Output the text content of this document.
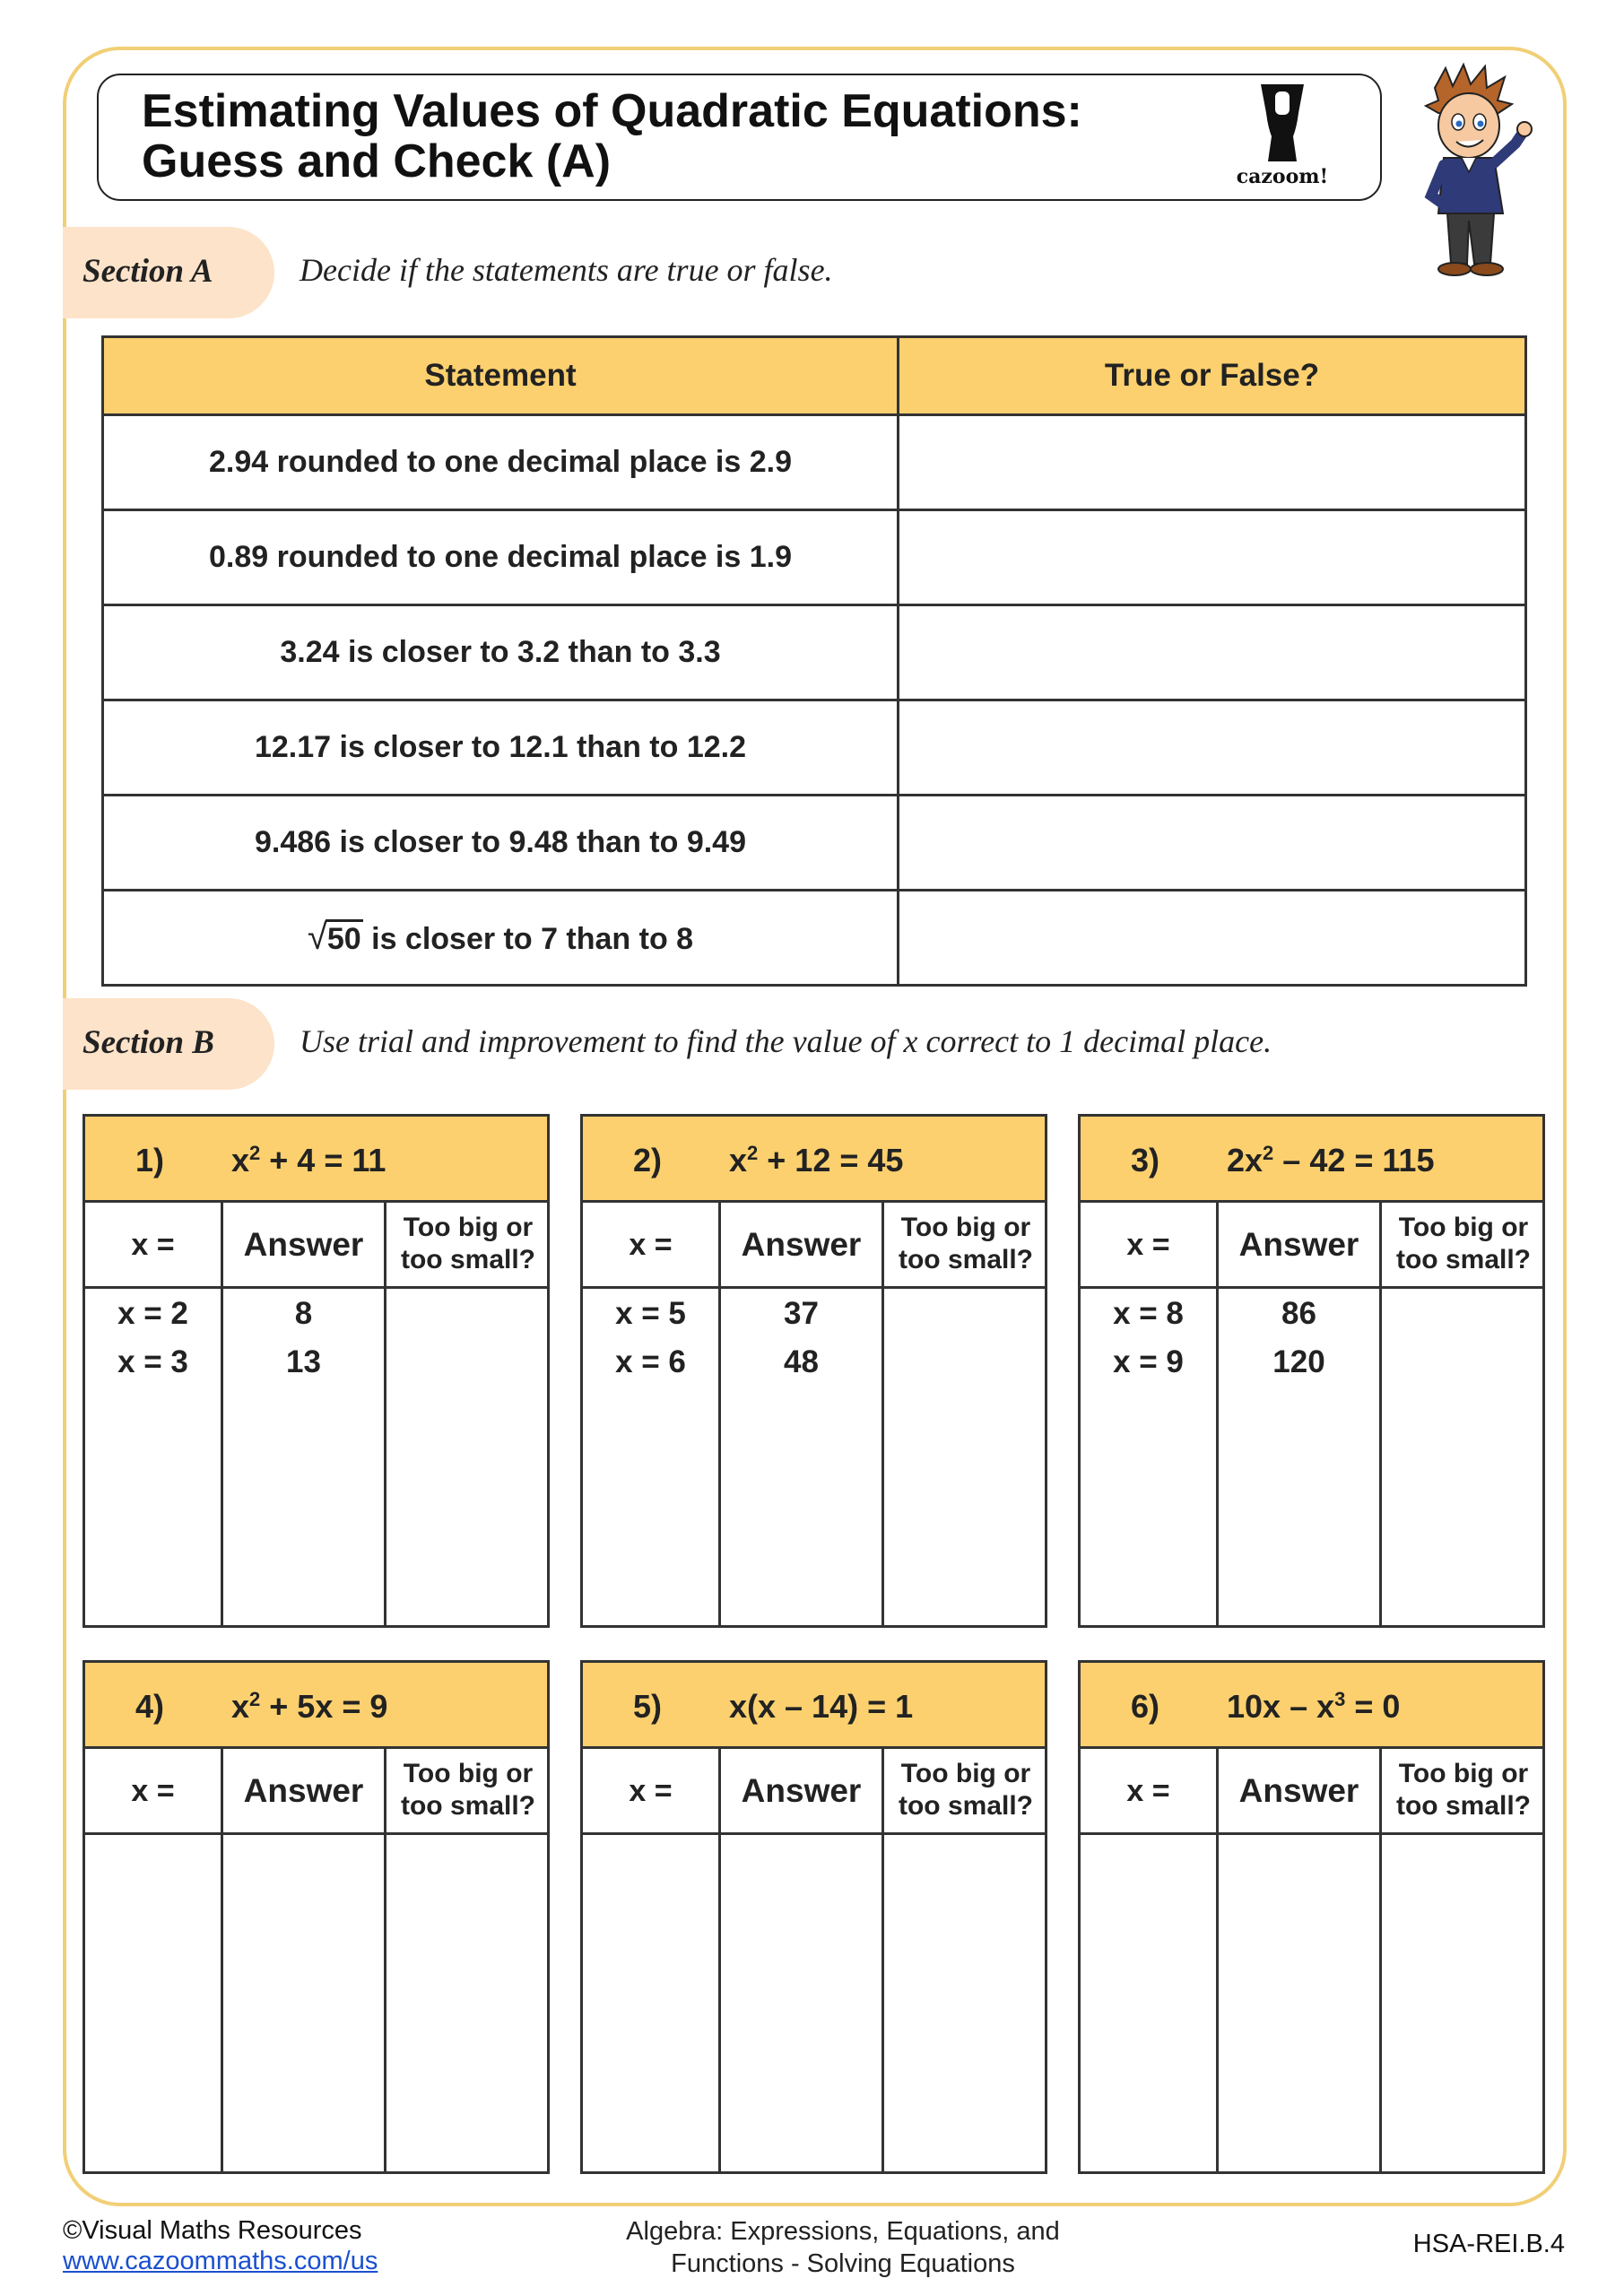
Estimating Values of Quadratic Equations:
Guess and Check (A)	cazoom!
Section A	Decide if the statements are true or false.
Statement	True or False?
2.94 rounded to one decimal place is 2.9	
0.89 rounded to one decimal place is 1.9	
3.24 is closer to 3.2 than to 3.3	
12.17 is closer to 12.1 than to 12.2	
9.486 is closer to 9.48 than to 9.49	
√50 is closer to 7 than to 8	
Section B	Use trial and improvement to find the value of x correct to 1 decimal place.
1) $x^2 + 4 = 11$
x =	Answer	Too big or
too small?
x = 2	8
x = 3	13
2) $x^2 + 12 = 45$
x =	Answer	Too big or
too small?
x = 5	37
x = 6	48
3) $2x^2 - 42 = 115$
x =	Answer	Too big or
too small?
x = 8	86
x = 9	120
4) $x^2 + 5x = 9$
x =	Answer	Too big or
too small?
5) x(x – 14) = 1
x =	Answer	Too big or
too small?
6) $10x - x^3 = 0$
x =	Answer	Too big or
too small?
©Visual Maths Resources
www.cazoommaths.com/us
Algebra: Expressions, Equations, and
Functions - Solving Equations
HSA-REI.B.4
